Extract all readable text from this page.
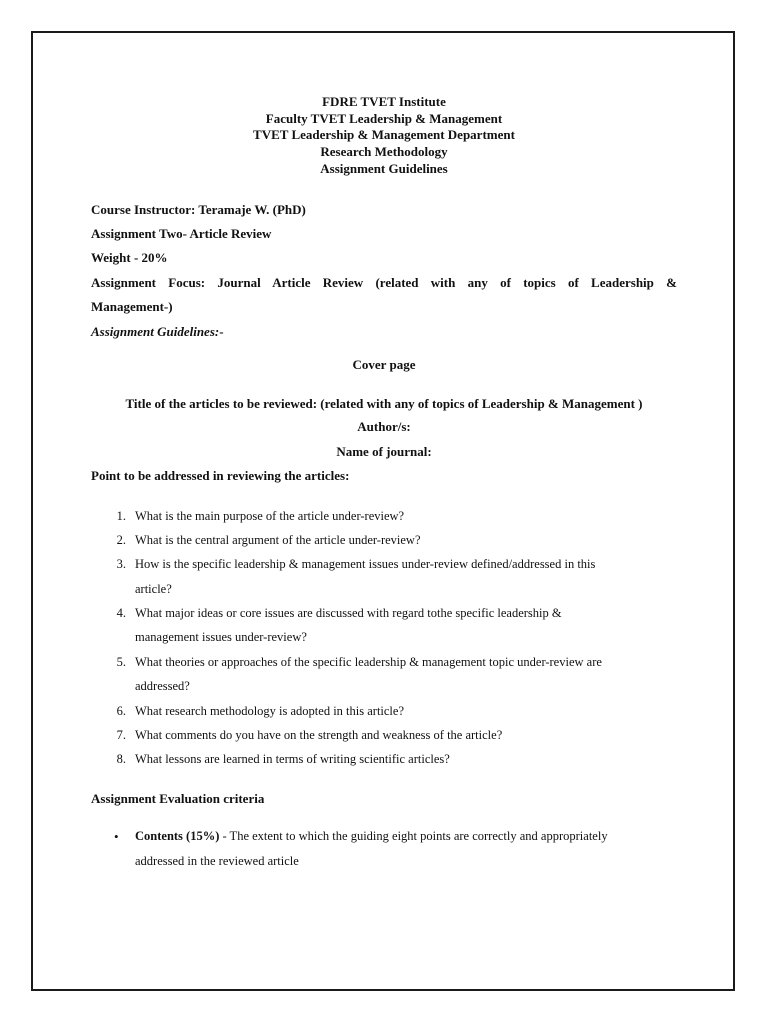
FDRE TVET Institute
Faculty TVET Leadership & Management
TVET Leadership & Management Department
Research Methodology
Assignment Guidelines
Course Instructor: Teramaje W. (PhD)
Assignment Two- Article Review
Weight - 20%
Assignment Focus: Journal Article Review (related with any of topics of Leadership &
Management-)
Assignment Guidelines:-
Cover page
Title of the articles to be reviewed: (related with any of topics of Leadership & Management )
Author/s:
Name of journal:
Point to be addressed in reviewing the articles:
1. What is the main purpose of the article under-review?
2. What is the central argument of the article under-review?
3. How is the specific leadership & management issues under-review defined/addressed in this
article?
4. What major ideas or core issues are discussed with regard tothe specific leadership &
management issues under-review?
5. What theories or approaches of the specific leadership & management topic under-review are
addressed?
6. What research methodology is adopted in this article?
7. What comments do you have on the strength and weakness of the article?
8. What lessons are learned in terms of writing scientific articles?
Assignment Evaluation criteria
• Contents (15%) - The extent to which the guiding eight points are correctly and appropriately
addressed in the reviewed article
